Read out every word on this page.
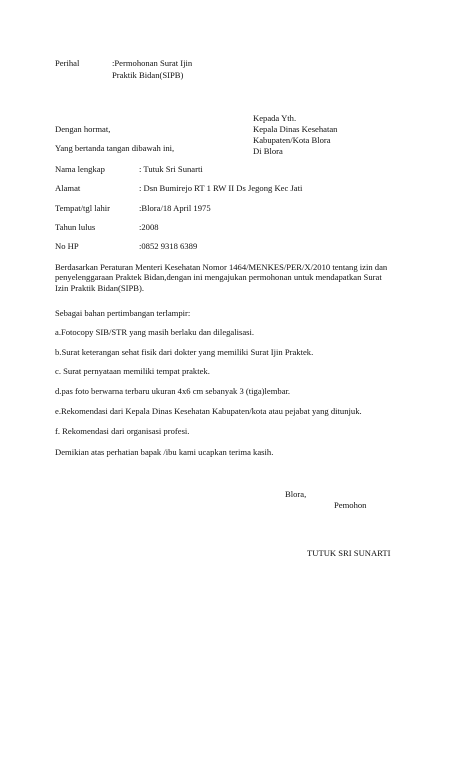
Perihal	:Permohonan Surat Ijin
Praktik Bidan(SIPB)
Kepada Yth.
Kepala Dinas Kesehatan
Kabupaten/Kota Blora
Di Blora
Dengan hormat,
Yang bertanda tangan dibawah ini,
Nama lengkap	: Tutuk Sri Sunarti
Alamat	: Dsn Bumirejo RT 1 RW II Ds Jegong Kec Jati
Tempat/tgl lahir	:Blora/18 April 1975
Tahun lulus	:2008
No HP	:0852 9318 6389
Berdasarkan Peraturan Menteri Kesehatan Nomor 1464/MENKES/PER/X/2010 tentang izin dan
penyelenggaraan Praktek Bidan,dengan ini mengajukan permohonan untuk mendapatkan Surat
Izin Praktik Bidan(SIPB).
Sebagai bahan pertimbangan terlampir:
a.Fotocopy SIB/STR yang masih berlaku dan dilegalisasi.
b.Surat keterangan sehat fisik dari dokter yang memiliki Surat Ijin Praktek.
c. Surat pernyataan memiliki tempat praktek.
d.pas foto berwarna terbaru ukuran 4x6 cm sebanyak 3 (tiga)lembar.
e.Rekomendasi dari Kepala Dinas Kesehatan Kabupaten/kota atau pejabat yang ditunjuk.
f. Rekomendasi dari organisasi profesi.
Demikian atas perhatian bapak /ibu kami ucapkan terima kasih.
Blora,
Pemohon
TUTUK SRI SUNARTI
